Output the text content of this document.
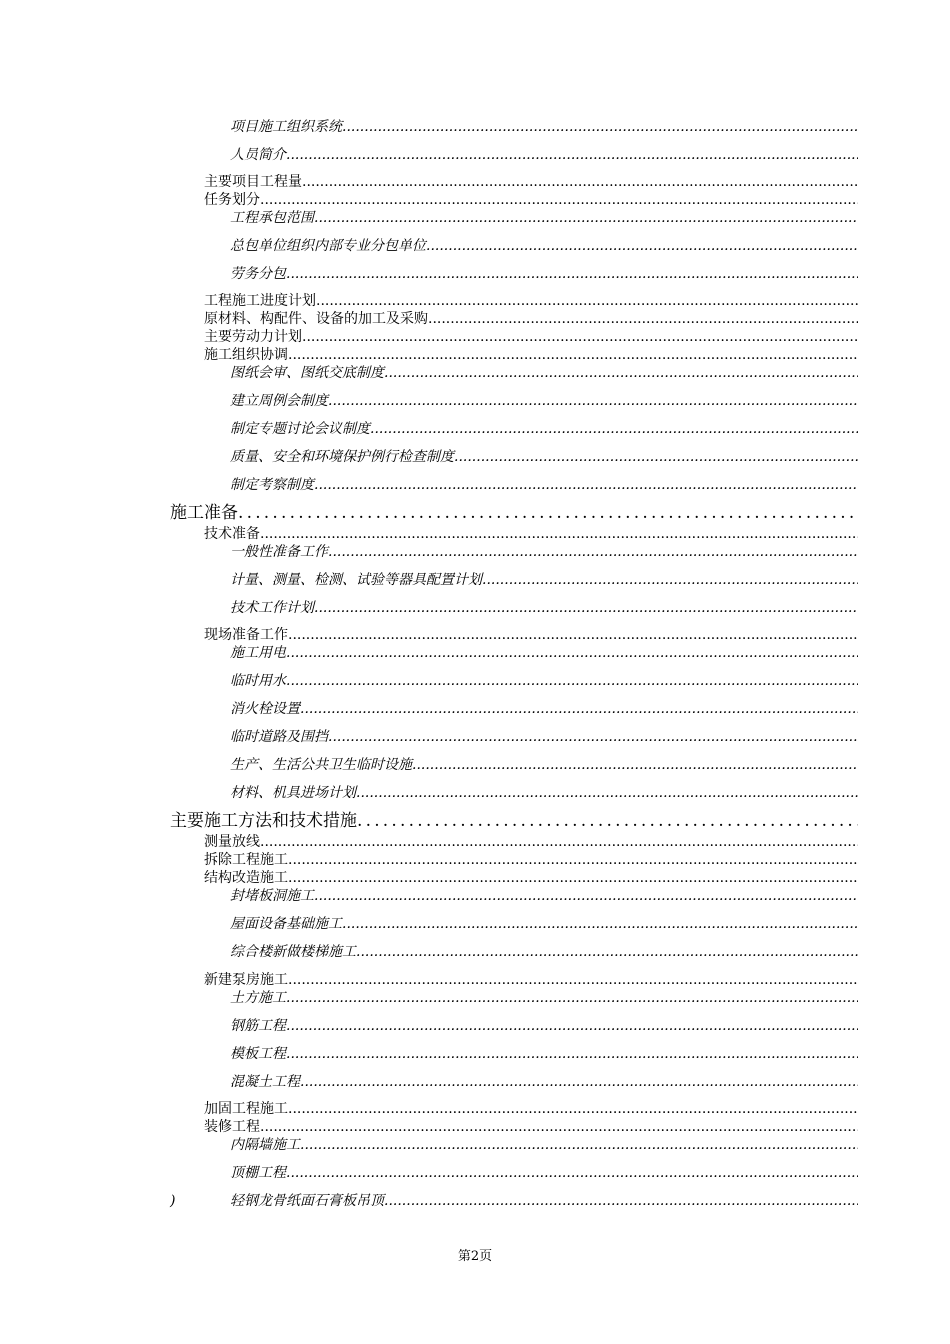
项目施工组织系统
.....
人员简介
.....
主要项目工程量
.....
任务划分
.....
工程承包范围
.....
总包单位组织内部专业分包单位
.....
劳务分包
.....
工程施工进度计划
.....
原材料、构配件、设备的加工及采购
.....
主要劳动力计划
.....
施工组织协调
.....
图纸会审、图纸交底制度
.....
建立周例会制度
.....
制定专题讨论会议制度
.....
质量、安全和环境保护例行检查制度
.....
制定考察制度
.....
施工准备
.....
技术准备
.....
一般性准备工作
.....
计量、测量、检测、试验等器具配置计划
.....
技术工作计划
.....
现场准备工作
.....
施工用电
.....
临时用水
.....
消火栓设置
.....
临时道路及围挡
.....
生产、生活公共卫生临时设施
.....
材料、机具进场计划
.....
主要施工方法和技术措施
.....
测量放线
.....
拆除工程施工
.....
结构改造施工
.....
封堵板洞施工
.....
屋面设备基础施工
.....
综合楼新做楼梯施工
.....
新建泵房施工
.....
土方施工
.....
钢筋工程
.....
模板工程
.....
混凝土工程
.....
加固工程施工
.....
装修工程
.....
内隔墙施工
.....
顶棚工程
.....
轻钢龙骨纸面石膏板吊顶
.....
)
第2页
